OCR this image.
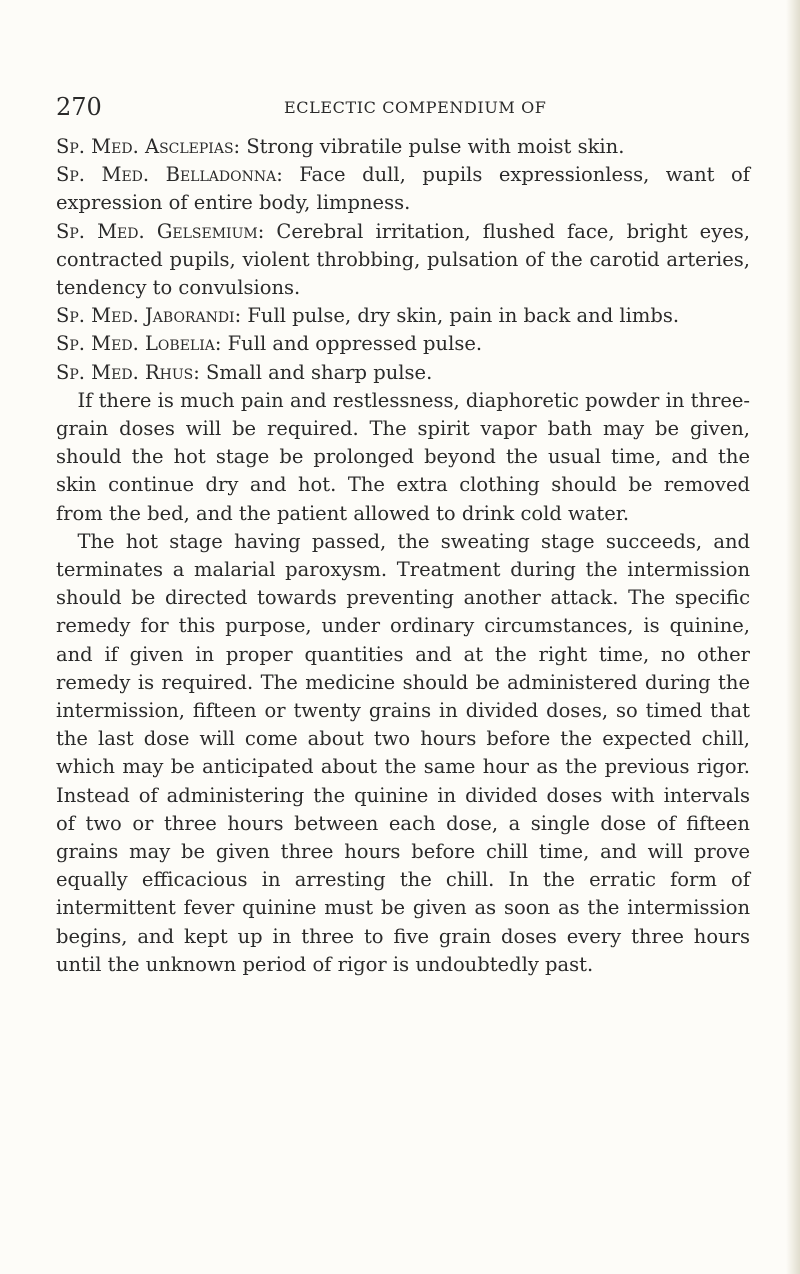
270	ECLECTIC COMPENDIUM OF

Sp. Med. Asclepias: Strong vibratile pulse with moist skin.

Sp. Med. Belladonna: Face dull, pupils expressionless, want of expression of entire body, limpness.

Sp. Med. Gelsemium: Cerebral irritation, flushed face, bright eyes, contracted pupils, violent throbbing, pulsation of the carotid arteries, tendency to convulsions.

Sp. Med. Jaborandi: Full pulse, dry skin, pain in back and limbs.

Sp. Med. Lobelia: Full and oppressed pulse.

Sp. Med. Rhus: Small and sharp pulse.

If there is much pain and restlessness, diaphoretic powder in three-grain doses will be required. The spirit vapor bath may be given, should the hot stage be prolonged beyond the usual time, and the skin continue dry and hot. The extra clothing should be removed from the bed, and the patient allowed to drink cold water.

The hot stage having passed, the sweating stage succeeds, and terminates a malarial paroxysm. Treatment during the intermission should be directed towards preventing another attack. The specific remedy for this purpose, under ordinary circumstances, is quinine, and if given in proper quantities and at the right time, no other remedy is required. The medicine should be administered during the intermission, fifteen or twenty grains in divided doses, so timed that the last dose will come about two hours before the expected chill, which may be anticipated about the same hour as the previous rigor. Instead of administering the quinine in divided doses with intervals of two or three hours between each dose, a single dose of fifteen grains may be given three hours before chill time, and will prove equally efficacious in arresting the chill. In the erratic form of intermittent fever quinine must be given as soon as the intermission begins, and kept up in three to five grain doses every three hours until the unknown period of rigor is undoubtedly past.
